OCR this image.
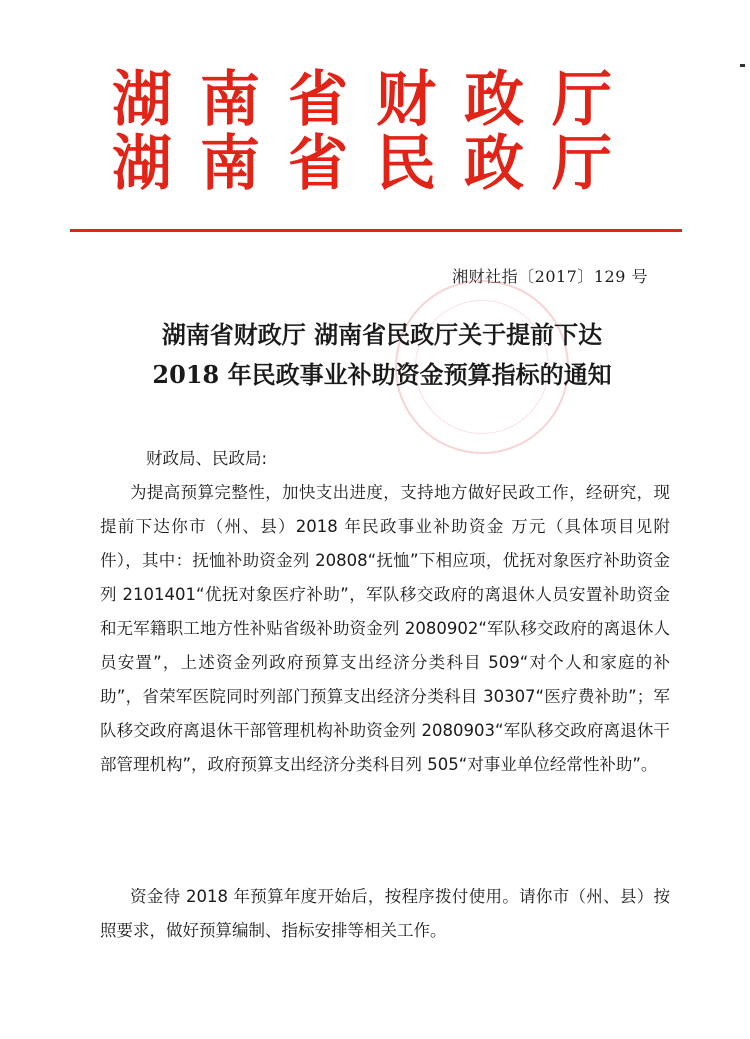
湖南省财政厅
湖南省民政厅
湘财社指〔2017〕129 号
湖南省财政厅 湖南省民政厅关于提前下达
2018 年民政事业补助资金预算指标的通知
财政局、民政局:
为提高预算完整性，加快支出进度，支持地方做好民政工作，经研究，现提前下达你市（州、县）2018 年民政事业补助资金 万元（具体项目见附件），其中：抚恤补助资金列 20808“抚恤”下相应项，优抚对象医疗补助资金列 2101401“优抚对象医疗补助”，军队移交政府的离退休人员安置补助资金和无军籍职工地方性补贴省级补助资金列 2080902“军队移交政府的离退休人员安置”，上述资金列政府预算支出经济分类科目 509“对个人和家庭的补助”，省荣军医院同时列部门预算支出经济分类科目 30307“医疗费补助”；军队移交政府离退休干部管理机构补助资金列 2080903“军队移交政府离退休干部管理机构”，政府预算支出经济分类科目列 505“对事业单位经常性补助”。
资金待 2018 年预算年度开始后，按程序拨付使用。请你市（州、县）按照要求，做好预算编制、指标安排等相关工作。
